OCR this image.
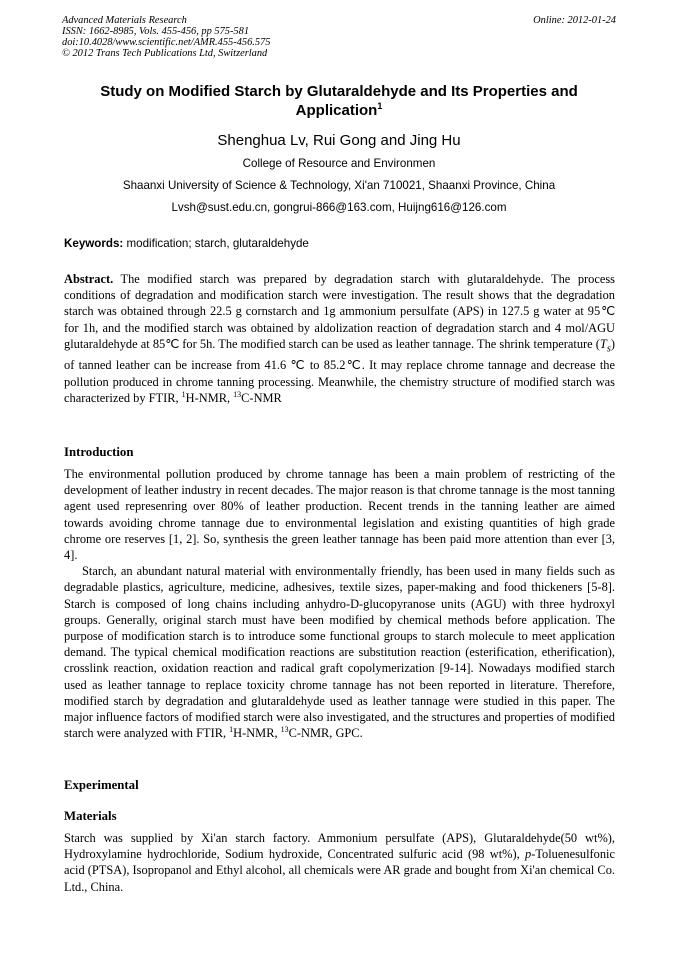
Advanced Materials Research
ISSN: 1662-8985, Vols. 455-456, pp 575-581
doi:10.4028/www.scientific.net/AMR.455-456.575
© 2012 Trans Tech Publications Ltd, Switzerland
Online: 2012-01-24
Study on Modified Starch by Glutaraldehyde and Its Properties and
Application$^1$
Shenghua Lv, Rui Gong and Jing Hu
College of Resource and Environmen
Shaanxi University of Science & Technology, Xi'an 710021, Shaanxi Province, China
Lvsh@sust.edu.cn, gongrui-866@163.com, Huijng616@126.com
Keywords: modification; starch, glutaraldehyde
Abstract. The modified starch was prepared by degradation starch with glutaraldehyde. The process conditions of degradation and modification starch were investigation. The result shows that the degradation starch was obtained through 22.5 g cornstarch and 1g ammonium persulfate (APS) in 127.5 g water at 95℃ for 1h, and the modified starch was obtained by aldolization reaction of degradation starch and 4 mol/AGU glutaraldehyde at 85℃ for 5h. The modified starch can be used as leather tannage. The shrink temperature $(T_s)$ of tanned leather can be increase from 41.6 ℃ to 85.2℃. It may replace chrome tannage and decrease the pollution produced in chrome tanning processing. Meanwhile, the chemistry structure of modified starch was characterized by FTIR, $^1$H-NMR, $^{13}$C-NMR
Introduction
The environmental pollution produced by chrome tannage has been a main problem of restricting of the development of leather industry in recent decades. The major reason is that chrome tannage is the most tanning agent used represenring over 80% of leather production. Recent trends in the tanning leather are aimed towards avoiding chrome tannage due to environmental legislation and existing quantities of high grade chrome ore reserves [1, 2]. So, synthesis the green leather tannage has been paid more attention than ever [3, 4].
Starch, an abundant natural material with environmentally friendly, has been used in many fields such as degradable plastics, agriculture, medicine, adhesives, textile sizes, paper-making and food thickeners [5-8]. Starch is composed of long chains including anhydro-D-glucopyranose units (AGU) with three hydroxyl groups. Generally, original starch must have been modified by chemical methods before application. The purpose of modification starch is to introduce some functional groups to starch molecule to meet application demand. The typical chemical modification reactions are substitution reaction (esterification, etherification), crosslink reaction, oxidation reaction and radical graft copolymerization [9-14]. Nowadays modified starch used as leather tannage to replace toxicity chrome tannage has not been reported in literature. Therefore, modified starch by degradation and glutaraldehyde used as leather tannage were studied in this paper. The major influence factors of modified starch were also investigated, and the structures and properties of modified starch were analyzed with FTIR, $^1$H-NMR, $^{13}$C-NMR, GPC.
Experimental
Materials
Starch was supplied by Xi'an starch factory. Ammonium persulfate (APS), Glutaraldehyde(50 wt%), Hydroxylamine hydrochloride, Sodium hydroxide, Concentrated sulfuric acid (98 wt%), p-Toluenesulfonic acid (PTSA), Isopropanol and Ethyl alcohol, all chemicals were AR grade and bought from Xi'an chemical Co. Ltd., China.
